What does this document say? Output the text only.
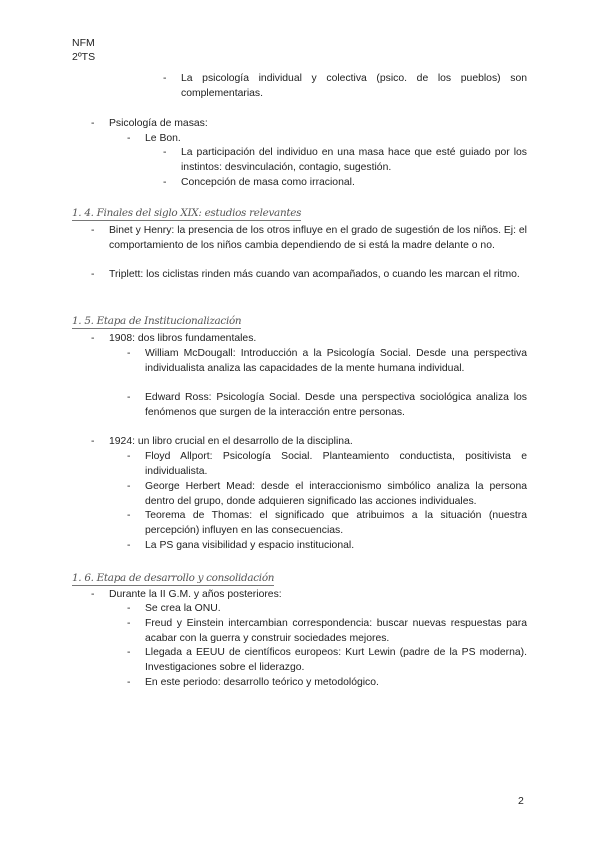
NFM
2ºTS
- La psicología individual y colectiva (psico. de los pueblos) son complementarias.
- Psicología de masas:
- Le Bon.
- La participación del individuo en una masa hace que esté guiado por los instintos: desvinculación, contagio, sugestión.
- Concepción de masa como irracional.
1. 4. Finales del siglo XIX: estudios relevantes
- Binet y Henry: la presencia de los otros influye en el grado de sugestión de los niños. Ej: el comportamiento de los niños cambia dependiendo de si está la madre delante o no.
- Triplett: los ciclistas rinden más cuando van acompañados, o cuando les marcan el ritmo.
1. 5. Etapa de Institucionalización
- 1908: dos libros fundamentales.
- William McDougall: Introducción a la Psicología Social. Desde una perspectiva individualista analiza las capacidades de la mente humana individual.
- Edward Ross: Psicología Social. Desde una perspectiva sociológica analiza los fenómenos que surgen de la interacción entre personas.
- 1924: un libro crucial en el desarrollo de la disciplina.
- Floyd Allport: Psicología Social. Planteamiento conductista, positivista e individualista.
- George Herbert Mead: desde el interaccionismo simbólico analiza la persona dentro del grupo, donde adquieren significado las acciones individuales.
- Teorema de Thomas: el significado que atribuimos a la situación (nuestra percepción) influyen en las consecuencias.
- La PS gana visibilidad y espacio institucional.
1. 6. Etapa de desarrollo y consolidación
- Durante la II G.M. y años posteriores:
- Se crea la ONU.
- Freud y Einstein intercambian correspondencia: buscar nuevas respuestas para acabar con la guerra y construir sociedades mejores.
- Llegada a EEUU de científicos europeos: Kurt Lewin (padre de la PS moderna). Investigaciones sobre el liderazgo.
- En este periodo: desarrollo teórico y metodológico.
2
